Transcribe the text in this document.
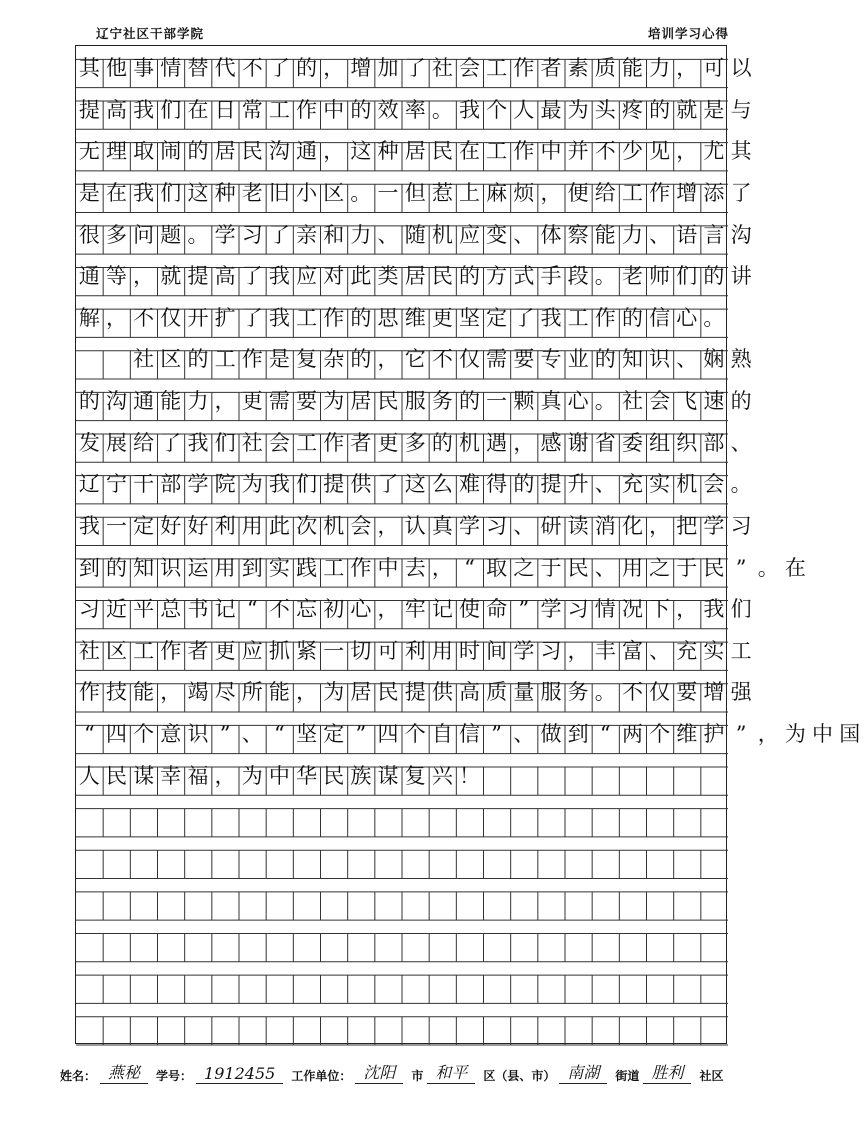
辽宁社区干部学院	培训学习心得
其 他 事 情 替 代 不 了 的 ， 增 加 了 社 会 工 作 者 素 质 能 力 ， 可 以
提 高 我 们 在 日 常 工 作 中 的 效 率 。 我 个 人 最 为 头 疼 的 就 是 与
无 理 取 闹 的 居 民 沟 通 ， 这 种 居 民 在 工 作 中 并 不 少 见 ， 尤 其
是 在 我 们 这 种 老 旧 小 区 。 一 但 惹 上 麻 烦 ， 便 给 工 作 增 添 了
很 多 问 题 。 学 习 了 亲 和 力 、 随 机 应 变 、 体 察 能 力 、 语 言 沟
通 等 ， 就 提 高 了 我 应 对 此 类 居 民 的 方 式 手 段 。 老 师 们 的 讲
解 ， 不 仅 开 扩 了 我 工 作 的 思 维 更 坚 定 了 我 工 作 的 信 心 。
社 区 的 工 作 是 复 杂 的 ， 它 不 仅 需 要 专 业 的 知 识 、 娴 熟
的 沟 通 能 力 ， 更 需 要 为 居 民 服 务 的 一 颗 真 心 。 社 会 飞 速 的
发 展 给 了 我 们 社 会 工 作 者 更 多 的 机 遇 ， 感 谢 省 委 组 织 部 、
辽 宁 干 部 学 院 为 我 们 提 供 了 这 么 难 得 的 提 升 、 充 实 机 会 。
我 一 定 好 好 利 用 此 次 机 会 ， 认 真 学 习 、 研 读 消 化 ， 把 学 习
到 的 知 识 运 用 到 实 践 工 作 中 去 ， “ 取 之 于 民 、 用 之 于 民 ” 。 在
习 近 平 总 书 记 “ 不 忘 初 心 ， 牢 记 使 命 ” 学 习 情 况 下 ， 我 们
社 区 工 作 者 更 应 抓 紧 一 切 可 利 用 时 间 学 习 ， 丰 富 、 充 实 工
作 技 能 ， 竭 尽 所 能 ， 为 居 民 提 供 高 质 量 服 务 。 不 仅 要 增 强
“ 四 个 意 识 ” 、 “ 坚 定 ” 四 个 自 信 ” 、 做 到 “ 两 个 维 护 ” ， 为 中 国
人 民 谋 幸 福 ， 为 中 华 民 族 谋 复 兴 ！
姓名： 燕秘	学号： 1912455	工作单位： 沈阳	市 和平	区（县、市） 南湖	街道 胜利	社区
